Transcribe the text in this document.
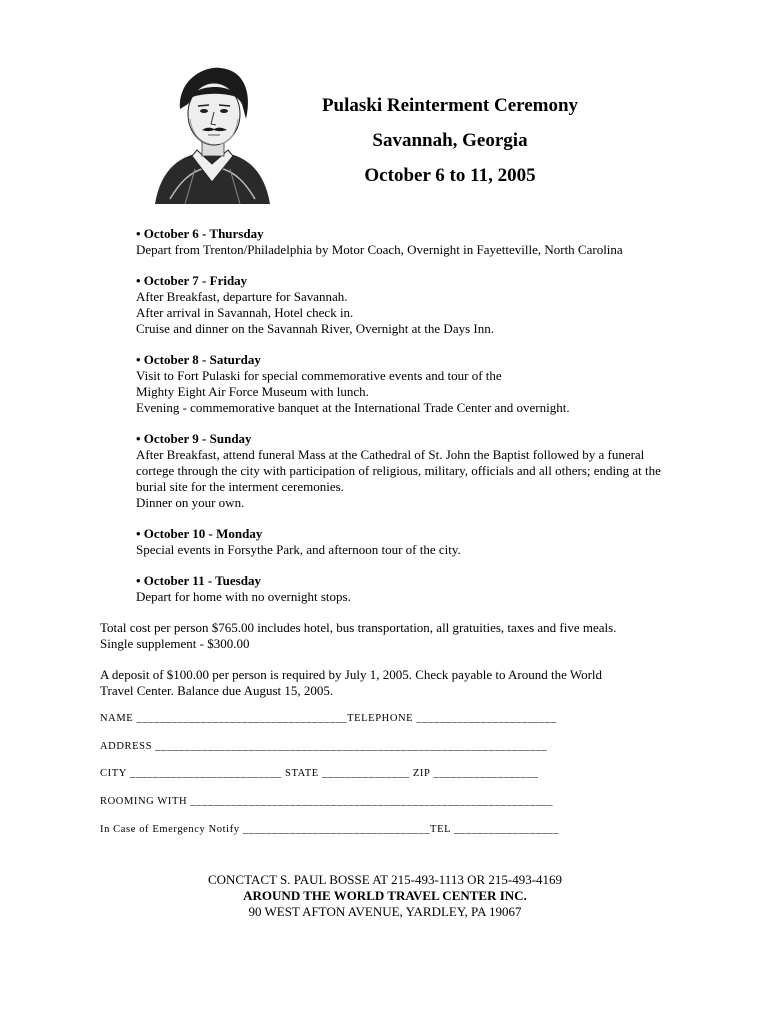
Pulaski Reinterment Ceremony
Savannah, Georgia
October 6 to 11, 2005
• October 6 - Thursday
Depart from Trenton/Philadelphia by Motor Coach, Overnight in Fayetteville, North Carolina
• October 7 - Friday
After Breakfast, departure for Savannah.
After arrival in Savannah, Hotel check in.
Cruise and dinner on the Savannah River, Overnight at the Days Inn.
• October 8 - Saturday
Visit to Fort Pulaski for special commemorative events and tour of the
Mighty Eight Air Force Museum with lunch.
Evening - commemorative banquet at the International Trade Center and overnight.
• October 9 - Sunday
After Breakfast, attend funeral Mass at the Cathedral of St. John the Baptist followed by a funeral
cortege through the city with participation of religious, military, officials and all others; ending at the
burial site for the interment ceremonies.
Dinner on your own.
• October 10 - Monday
Special events in Forsythe Park, and afternoon tour of the city.
• October 11 - Tuesday
Depart for home with no overnight stops.
Total cost per person $765.00 includes hotel, bus transportation, all gratuities, taxes and five meals.
Single supplement - $300.00
A deposit of $100.00 per person is required by July 1, 2005. Check payable to Around the World
Travel Center. Balance due August 15, 2005.
NAME ____________________________________TELEPHONE ________________________
ADDRESS ___________________________________________________________________
CITY __________________________ STATE _______________ ZIP __________________
ROOMING WITH ______________________________________________________________
In Case of Emergency Notify ________________________________TEL __________________
CONCTACT S. PAUL BOSSE AT 215-493-1113 OR 215-493-4169
AROUND THE WORLD TRAVEL CENTER INC.
90 WEST AFTON AVENUE, YARDLEY, PA 19067
